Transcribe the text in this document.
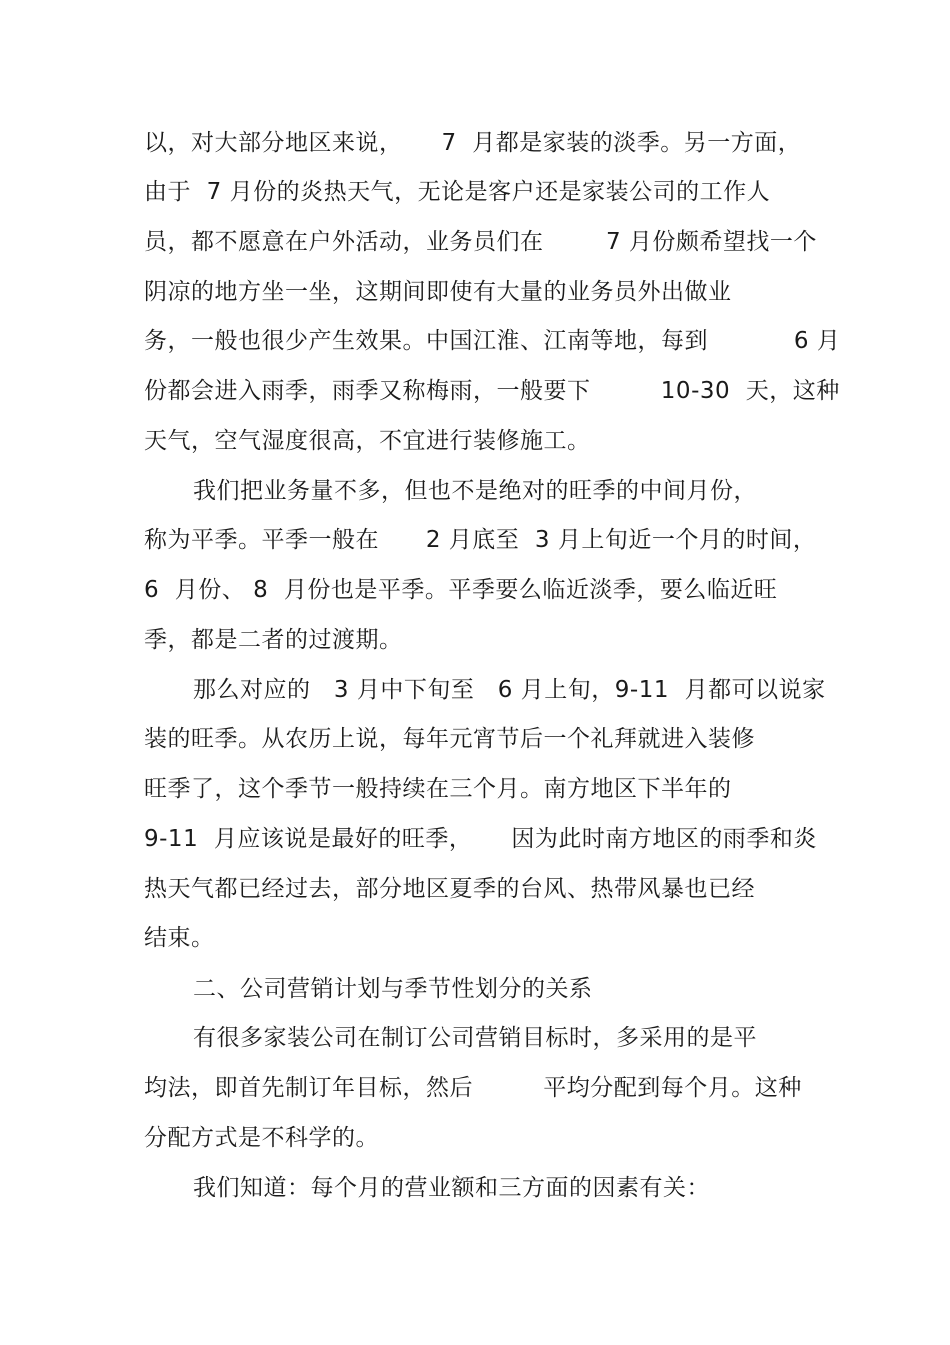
以，对大部分地区来说，     7  月都是家装的淡季。另一方面，
由于  7 月份的炎热天气，无论是客户还是家装公司的工作人
员，都不愿意在户外活动，业务员们在        7 月份颇希望找一个
阴凉的地方坐一坐，这期间即使有大量的业务员外出做业
务，一般也很少产生效果。中国江淮、江南等地，每到           6 月
份都会进入雨季，雨季又称梅雨，一般要下         10-30  天，这种
天气，空气湿度很高，不宜进行装修施工。
我们把业务量不多，但也不是绝对的旺季的中间月份，
称为平季。平季一般在      2 月底至  3 月上旬近一个月的时间，
6  月份、 8  月份也是平季。平季要么临近淡季，要么临近旺
季，都是二者的过渡期。
那么对应的   3 月中下旬至   6 月上旬，9-11  月都可以说家
装的旺季。从农历上说，每年元宵节后一个礼拜就进入装修
旺季了，这个季节一般持续在三个月。南方地区下半年的
9-11  月应该说是最好的旺季，     因为此时南方地区的雨季和炎
热天气都已经过去，部分地区夏季的台风、热带风暴也已经
结束。
二、公司营销计划与季节性划分的关系
有很多家装公司在制订公司营销目标时，多采用的是平
均法，即首先制订年目标，然后         平均分配到每个月。这种
分配方式是不科学的。
我们知道：每个月的营业额和三方面的因素有关：
